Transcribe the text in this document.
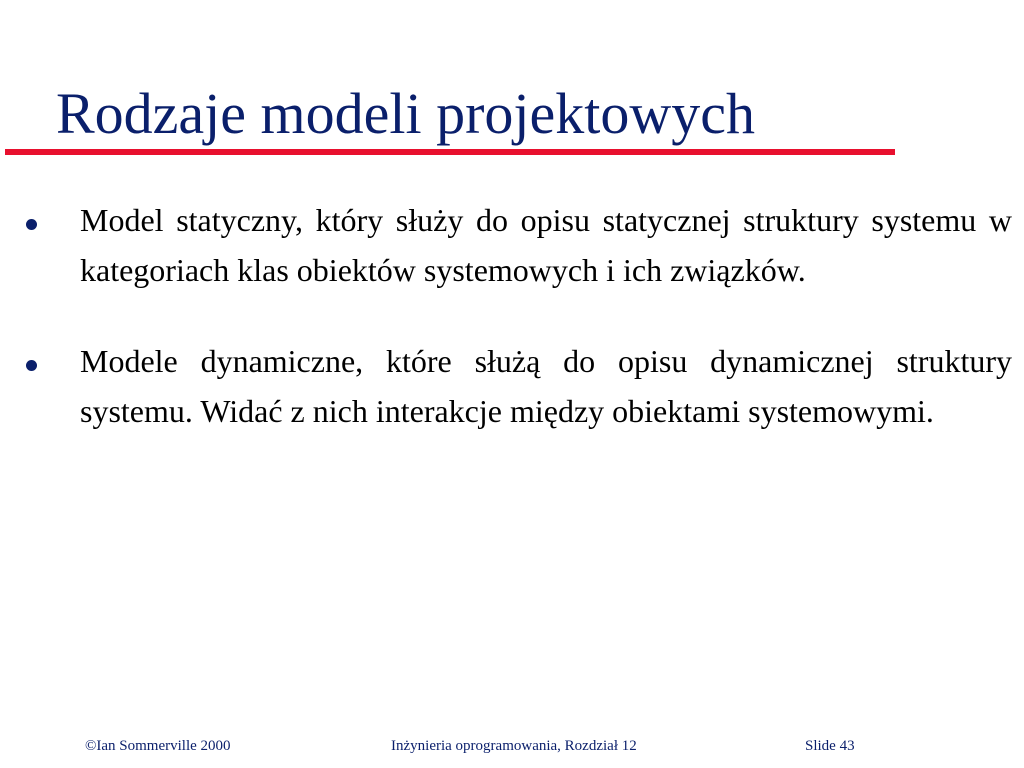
Rodzaje modeli projektowych
Model statyczny, który służy do opisu statycznej struktury systemu w kategoriach klas obiektów systemowych i ich związków.
Modele dynamiczne, które służą do opisu dynamicznej struktury systemu. Widać z nich interakcje między obiektami systemowymi.
©Ian Sommerville 2000	Inżynieria oprogramowania, Rozdział 12	Slide 43
